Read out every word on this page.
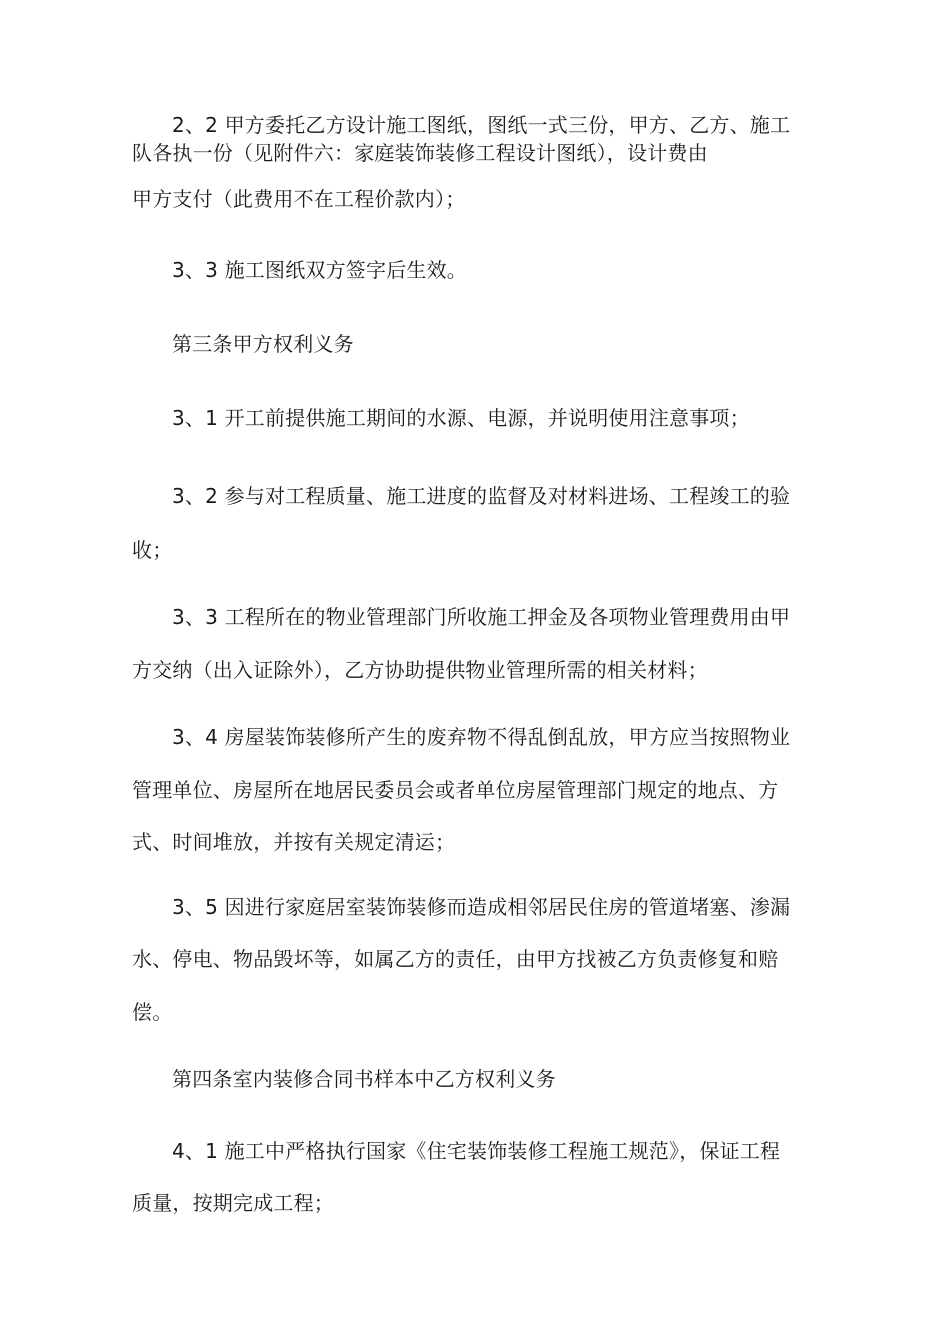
2、2 甲方委托乙方设计施工图纸，图纸一式三份，甲方、乙方、施工
队各执一份（见附件六：家庭装饰装修工程设计图纸），设计费由
甲方支付（此费用不在工程价款内）；
3、3 施工图纸双方签字后生效。
第三条甲方权利义务
3、1 开工前提供施工期间的水源、电源，并说明使用注意事项；
3、2 参与对工程质量、施工进度的监督及对材料进场、工程竣工的验
收；
3、3 工程所在的物业管理部门所收施工押金及各项物业管理费用由甲
方交纳（出入证除外），乙方协助提供物业管理所需的相关材料；
3、4 房屋装饰装修所产生的废弃物不得乱倒乱放，甲方应当按照物业
管理单位、房屋所在地居民委员会或者单位房屋管理部门规定的地点、方
式、时间堆放，并按有关规定清运；
3、5 因进行家庭居室装饰装修而造成相邻居民住房的管道堵塞、渗漏
水、停电、物品毁坏等，如属乙方的责任，由甲方找被乙方负责修复和赔
偿。
第四条室内装修合同书样本中乙方权利义务
4、1 施工中严格执行国家《住宅装饰装修工程施工规范》，保证工程
质量，按期完成工程；
